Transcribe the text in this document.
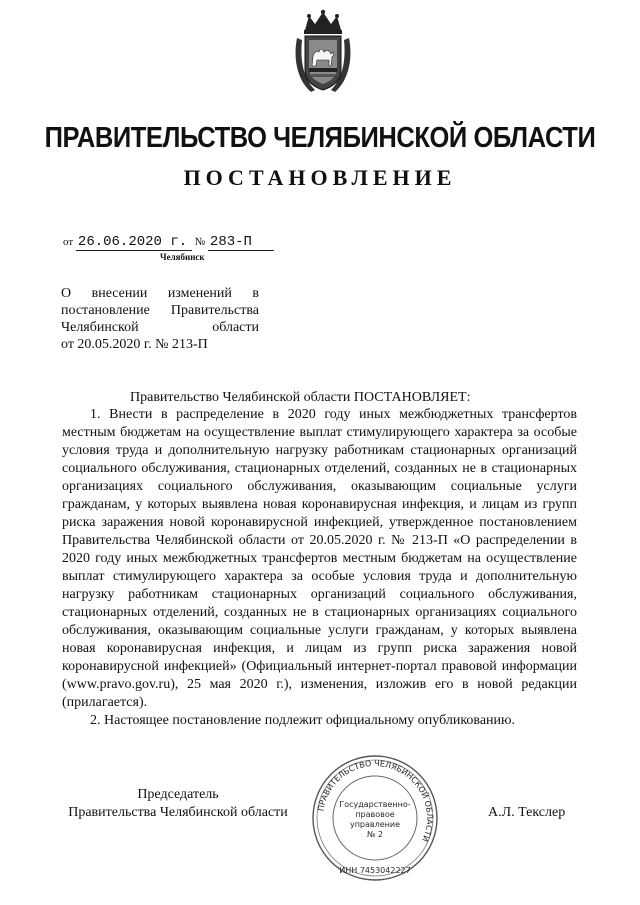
ПРАВИТЕЛЬСТВО ЧЕЛЯБИНСКОЙ ОБЛАСТИ
ПОСТАНОВЛЕНИЕ
от 26.06.2020 г. № 283-П
Челябинск
О внесении изменений в
постановление Правительства
Челябинской области
от 20.05.2020 г. № 213-П
Правительство Челябинской области ПОСТАНОВЛЯЕТ:

1. Внести в распределение в 2020 году иных межбюджетных трансфертов местным бюджетам на осуществление выплат стимулирующего характера за особые условия труда и дополнительную нагрузку работникам стационарных организаций социального обслуживания, стационарных отделений, созданных не в стационарных организациях социального обслуживания, оказывающим социальные услуги гражданам, у которых выявлена новая коронавирусная инфекция, и лицам из групп риска заражения новой коронавирусной инфекцией, утвержденное постановлением Правительства Челябинской области от 20.05.2020 г. № 213-П «О распределении в 2020 году иных межбюджетных трансфертов местным бюджетам на осуществление выплат стимулирующего характера за особые условия труда и дополнительную нагрузку работникам стационарных организаций социального обслуживания, стационарных отделений, созданных не в стационарных организациях социального обслуживания, оказывающим социальные услуги гражданам, у которых выявлена новая коронавирусная инфекция, и лицам из групп риска заражения новой коронавирусной инфекцией» (Официальный интернет-портал правовой информации (www.pravo.gov.ru), 25 мая 2020 г.), изменения, изложив его в новой редакции (прилагается).

2. Настоящее постановление подлежит официальному опубликованию.

Председатель
Правительства Челябинской области	ПРАВИТЕЛЬСТВО ЧЕЛЯБИНСКОЙ ОБЛАСТИ
Государственно-
правовое
управление
№ 2
ИНН 7453042227
А.Л. Текслер
